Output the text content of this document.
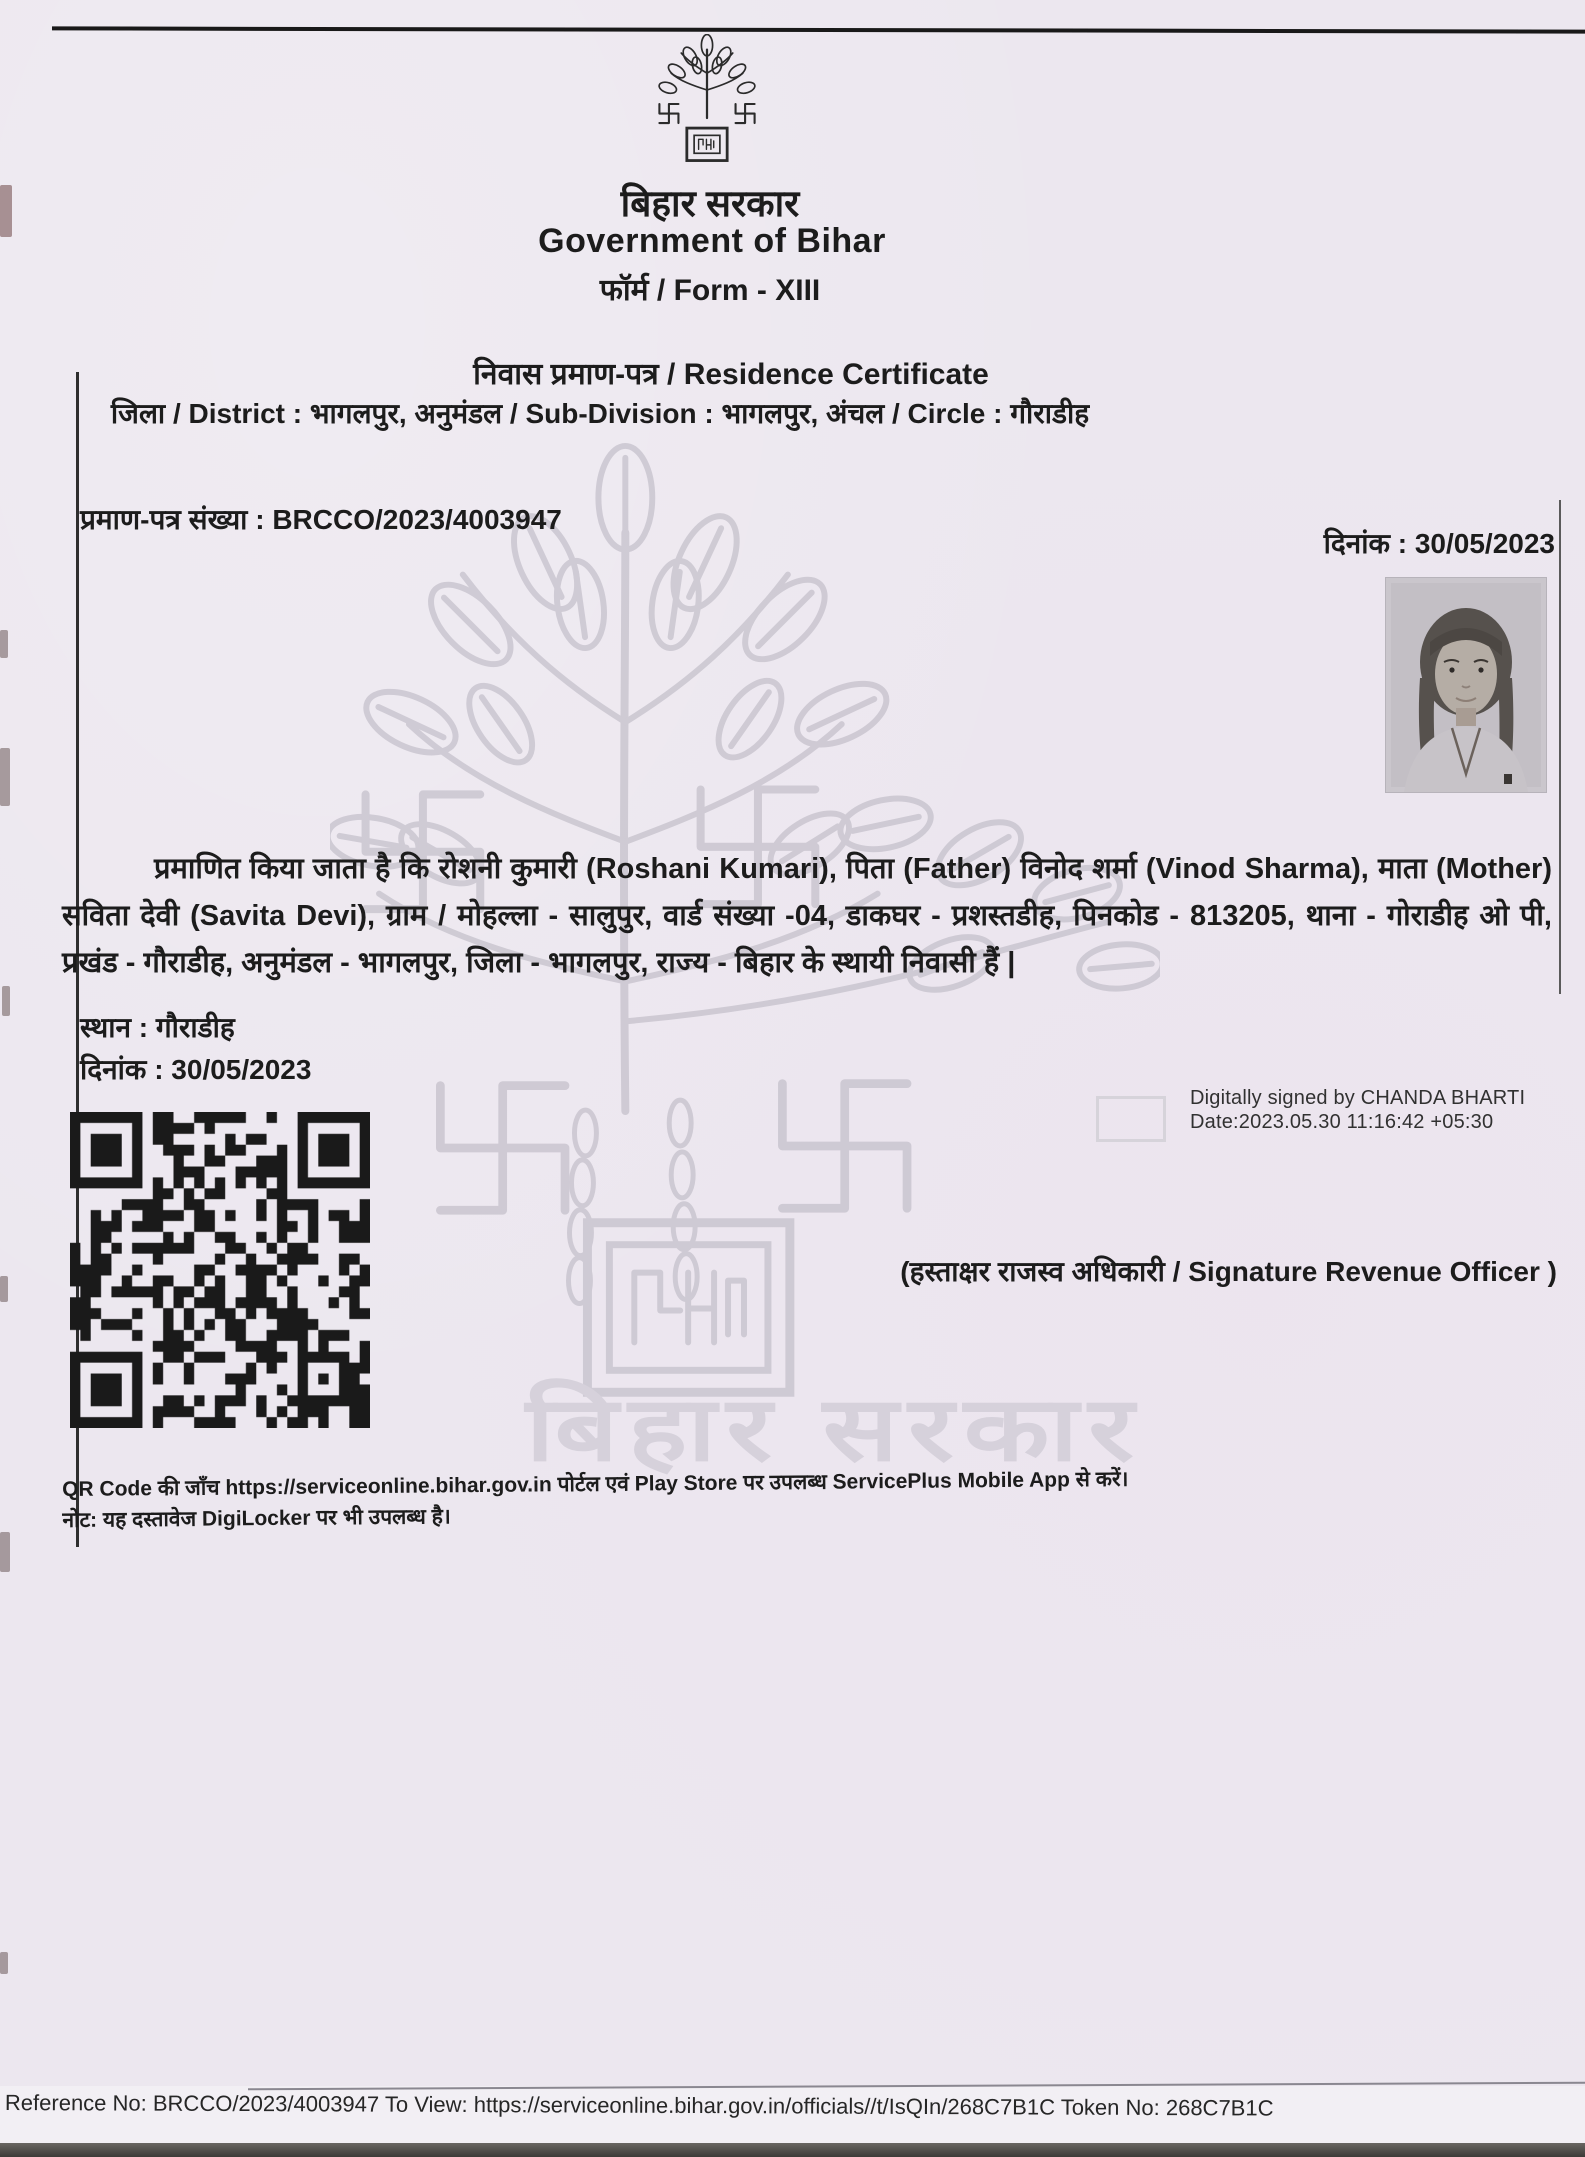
बिहार सरकार
बिहार सरकार
Government of Bihar
फॉर्म / Form - XIII
निवास प्रमाण-पत्र / Residence Certificate
जिला / District : भागलपुर, अनुमंडल / Sub-Division : भागलपुर, अंचल / Circle : गौराडीह
प्रमाण-पत्र संख्या : BRCCO/2023/4003947
दिनांक : 30/05/2023
प्रमाणित किया जाता है कि रोशनी कुमारी (Roshani Kumari), पिता (Father) विनोद शर्मा (Vinod Sharma), माता (Mother) सविता देवी (Savita Devi), ग्राम / मोहल्ला - सालुपुर, वार्ड संख्या -04, डाकघर - प्रशस्तडीह, पिनकोड - 813205, थाना - गोराडीह ओ पी, प्रखंड - गौराडीह, अनुमंडल - भागलपुर, जिला - भागलपुर, राज्य - बिहार के स्थायी निवासी हैं |
स्थान : गौराडीह
दिनांक : 30/05/2023
Digitally signed by CHANDA BHARTI
Date:2023.05.30 11:16:42 +05:30
(हस्ताक्षर राजस्व अधिकारी / Signature Revenue Officer )
QR Code की जाँच https://serviceonline.bihar.gov.in पोर्टल एवं Play Store पर उपलब्ध ServicePlus Mobile App से करें।
नोट: यह दस्तावेज DigiLocker पर भी उपलब्ध है।
Reference No: BRCCO/2023/4003947 To View: https://serviceonline.bihar.gov.in/officials//t/IsQIn/268C7B1C Token No: 268C7B1C
